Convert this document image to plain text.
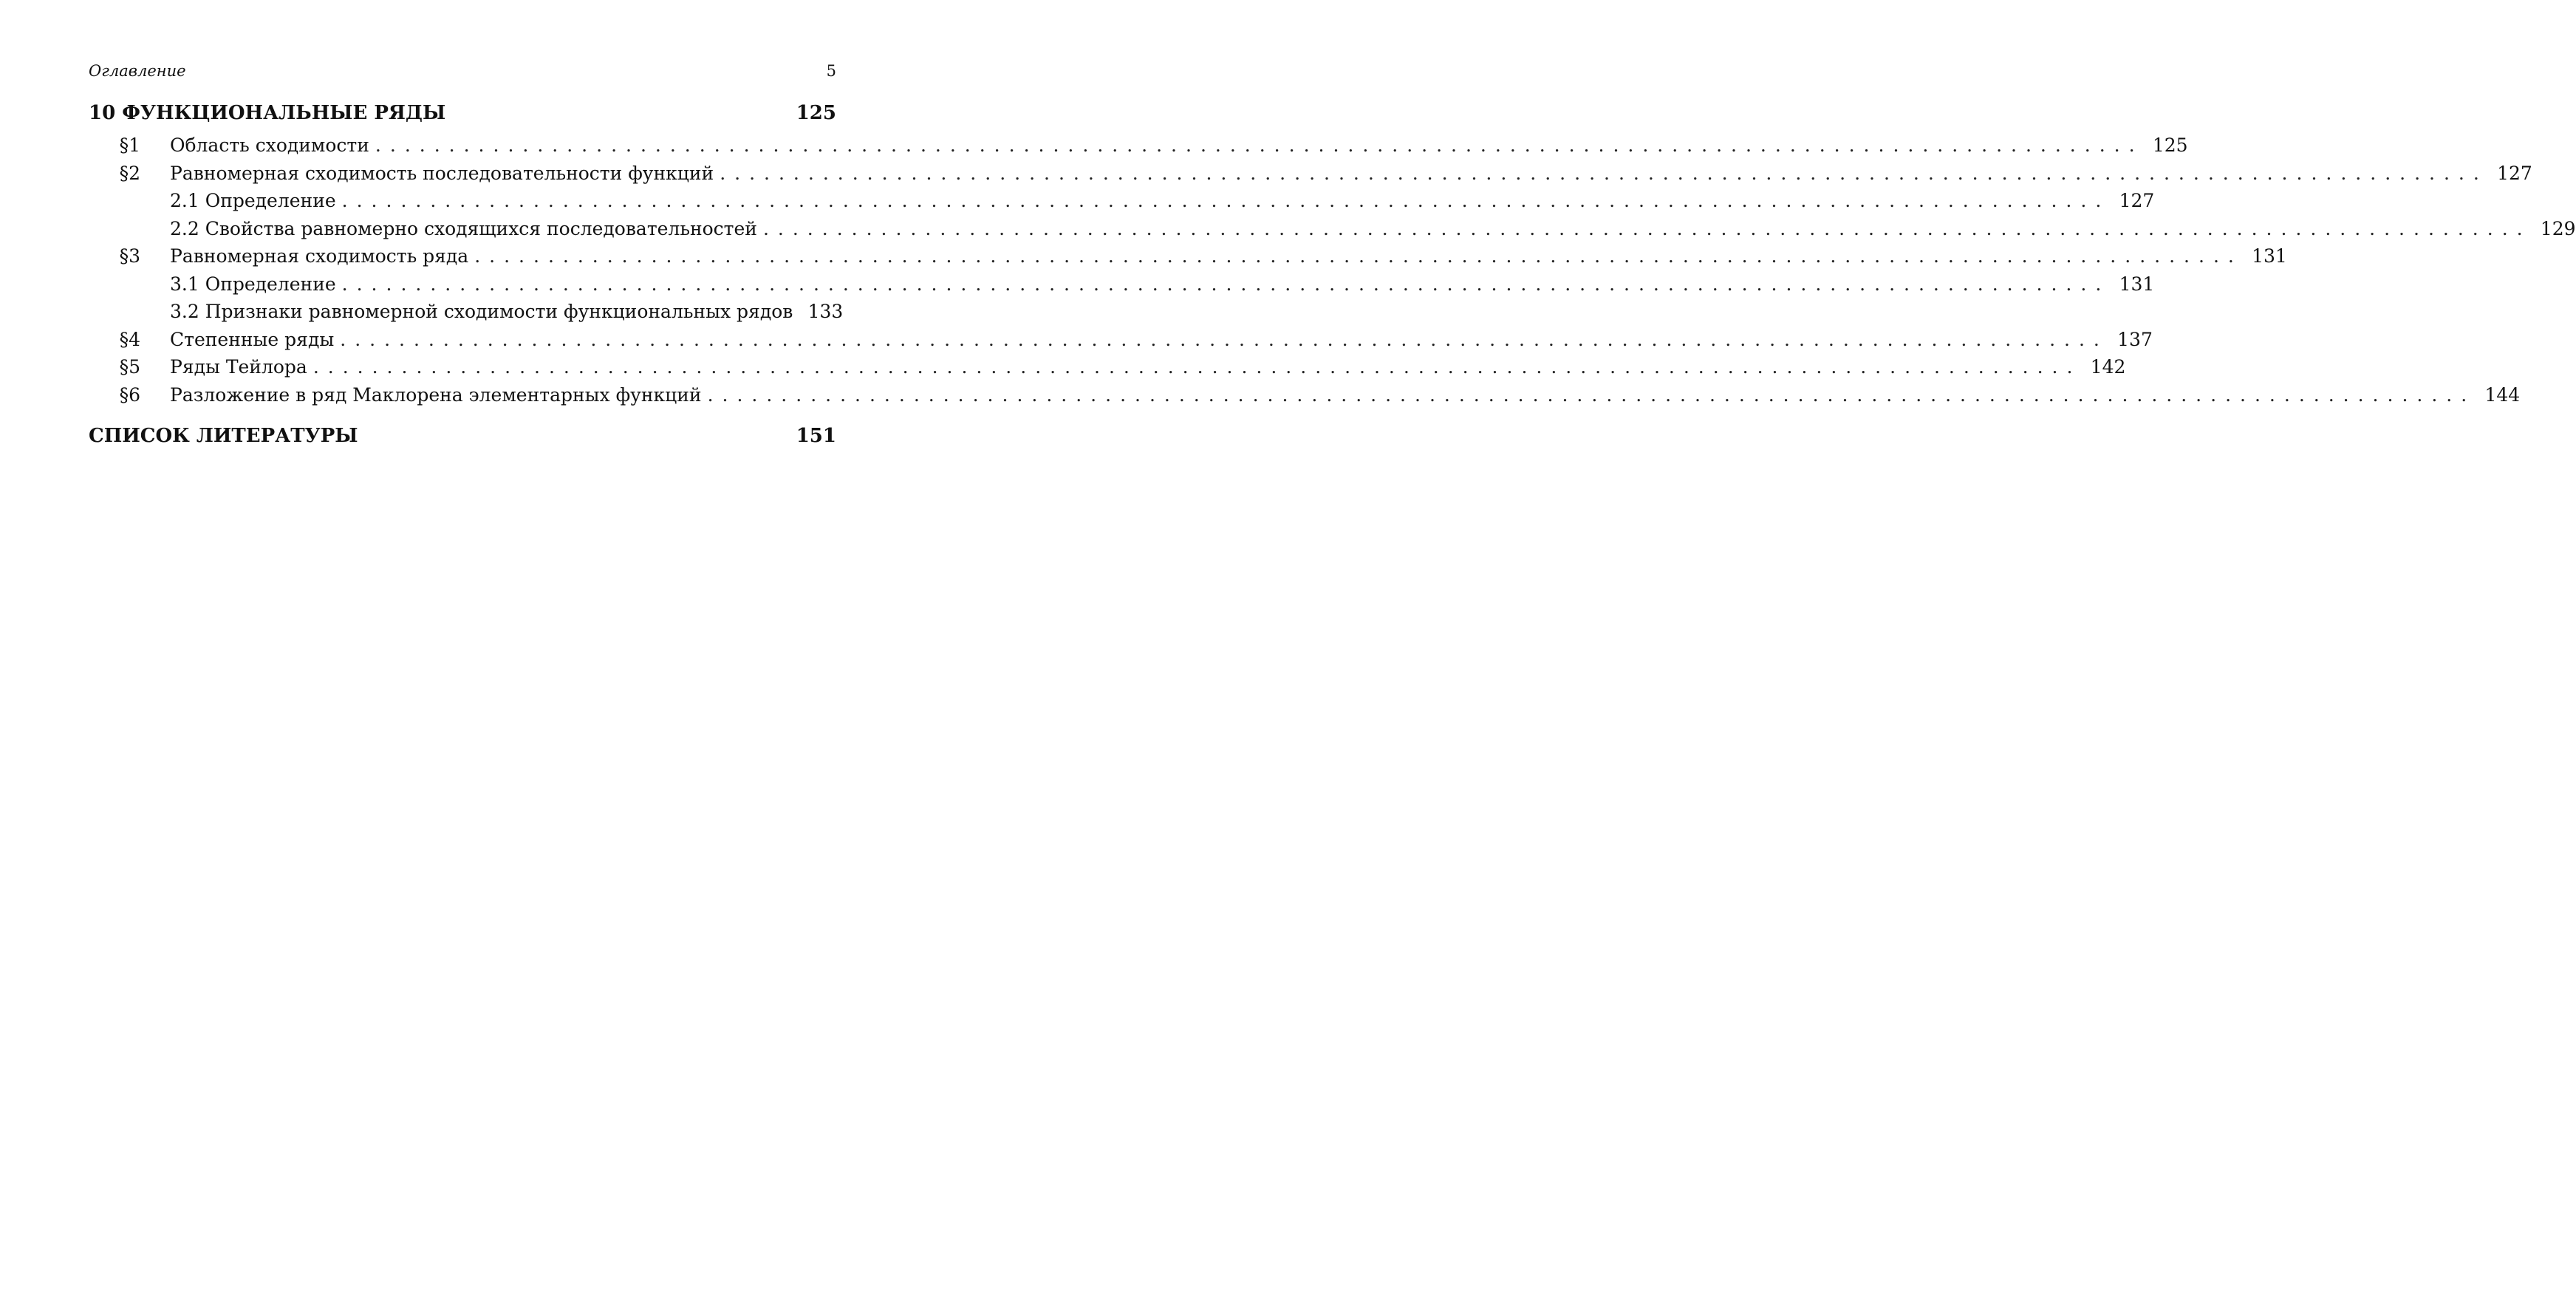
Оглавление	5
10 ФУНКЦИОНАЛЬНЫЕ РЯДЫ	125
§1	Область сходимости ........................................................................................................................ 125
§2	Равномерная сходимость последовательности функций ........................................................................................................................ 127
2.1 Определение ........................................................................................................................ 127
2.2 Свойства равномерно сходящихся последовательностей ........................................................................................................................ 129
§3	Равномерная сходимость ряда ........................................................................................................................ 131
3.1 Определение ........................................................................................................................ 131
3.2 Признаки равномерной сходимости функциональных рядов 133
§4	Степенные ряды ........................................................................................................................ 137
§5	Ряды Тейлора ........................................................................................................................ 142
§6	Разложение в ряд Маклорена элементарных функций ........................................................................................................................ 144
СПИСОК ЛИТЕРАТУРЫ	151
